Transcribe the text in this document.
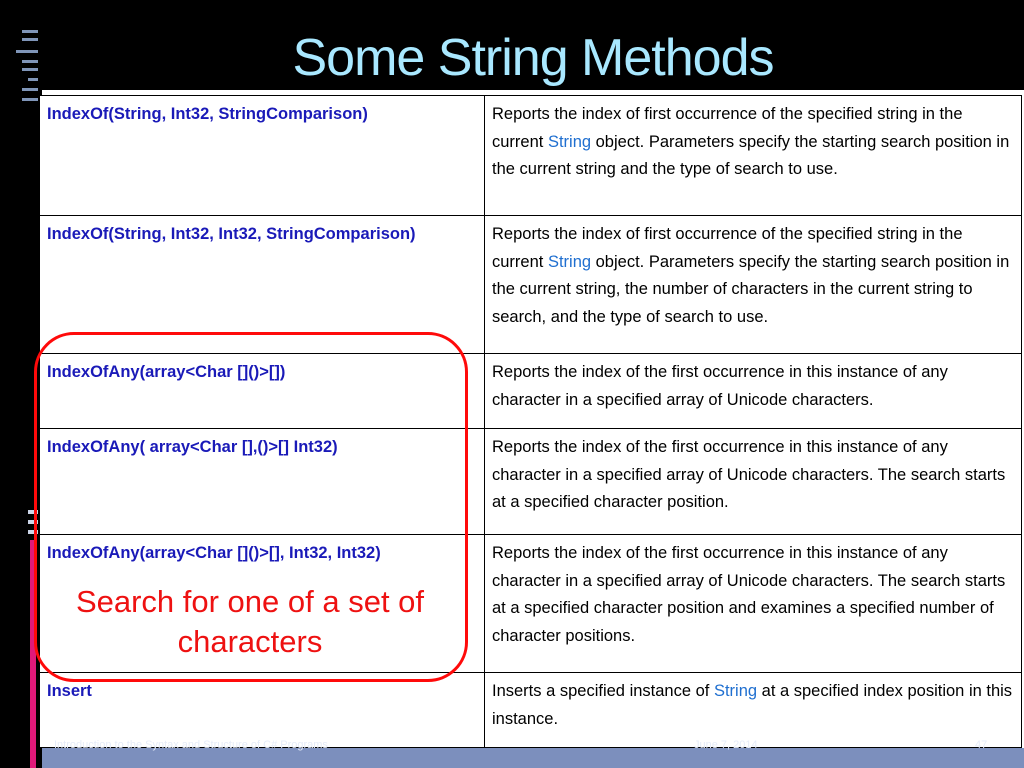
Some String Methods
IndexOf(String, Int32, StringComparison)	Reports the index of first occurrence of the specified string in the current String object. Parameters specify the starting search position in the current string and the type of search to use.
IndexOf(String, Int32, Int32, StringComparison)	Reports the index of first occurrence of the specified string in the current String object. Parameters specify the starting search position in the current string, the number of characters in the current string to search, and the type of search to use.
IndexOfAny(array<Char []()>[])	Reports the index of the first occurrence in this instance of any character in a specified array of Unicode characters.
IndexOfAny( array<Char [],()>[] Int32)	Reports the index of the first occurrence in this instance of any character in a specified array of Unicode characters. The search starts at a specified character position.
IndexOfAny(array<Char []()>[], Int32, Int32)	Reports the index of the first occurrence in this instance of any character in a specified array of Unicode characters. The search starts at a specified character position and examines a specified number of character positions.
Insert	Inserts a specified instance of String at a specified index position in this instance.
Search for one of a set of characters
Introduction to the Syntax and Structure of C# Programs	June 7, 2014	47
